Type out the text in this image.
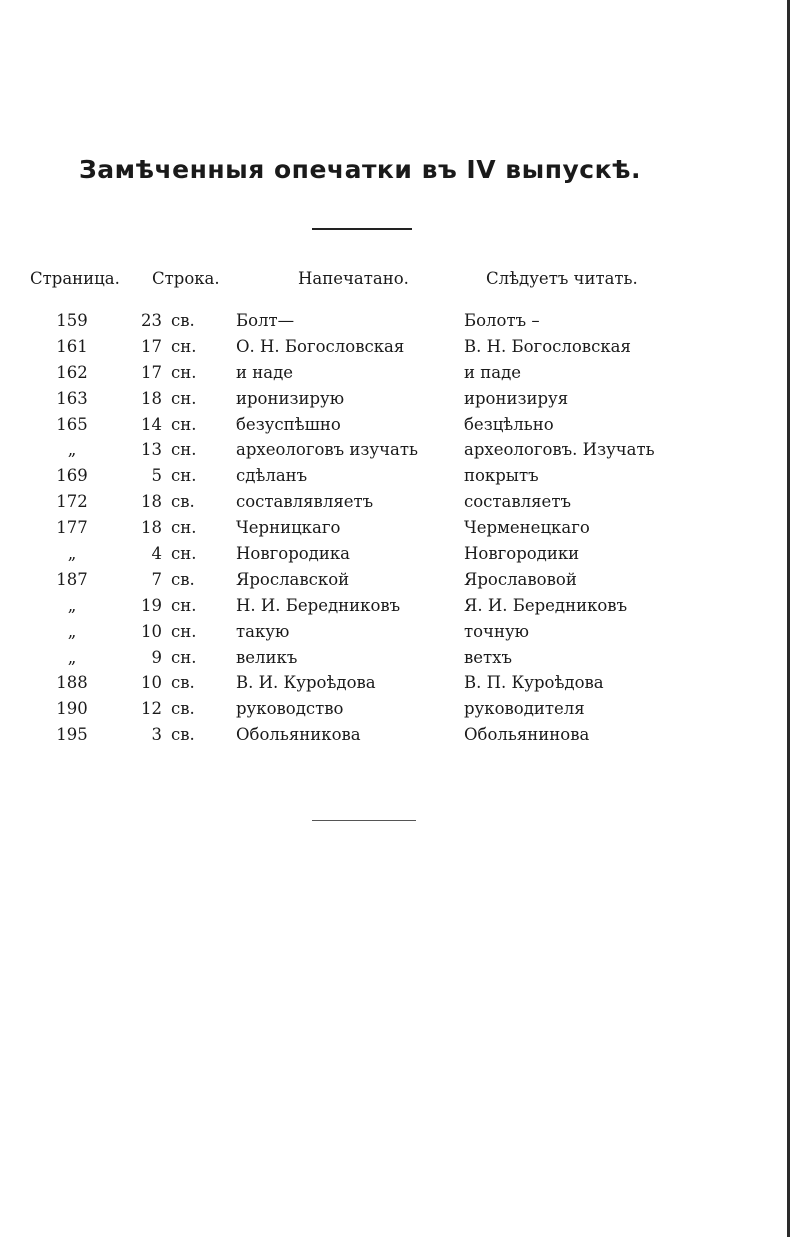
Замѣченныя опечатки въ IV выпускѣ.
Страница. Строка.	Напечатано.	Слѣдуетъ читать.
159	23 св. Болт—	Болотъ –
161	17 сн. О. Н. Богословская	В. Н. Богословская
162	17 сн. и наде	и паде
163	18 сн. иронизирую	иронизируя
165	14 сн. безуспѣшно	безцѣльно
„	13 сн. археологовъ изучать	археологовъ. Изучать
169	5 сн. сдѣланъ	покрытъ
172	18 св. составлявляетъ	составляетъ
177	18 сн. Черницкаго	Черменецкаго
„	4 сн. Новгородика	Новгородики
187	7 св. Ярославской	Ярославовой
„	19 сн. Н. И. Бередниковъ	Я. И. Бередниковъ
„	10 сн. такую	точную
„	9 сн. великъ	ветхъ
188	10 св. В. И. Куроѣдова	В. П. Куроѣдова
190	12 св. руководство	руководителя
195	3 св. Обольяникова	Обольянинова
